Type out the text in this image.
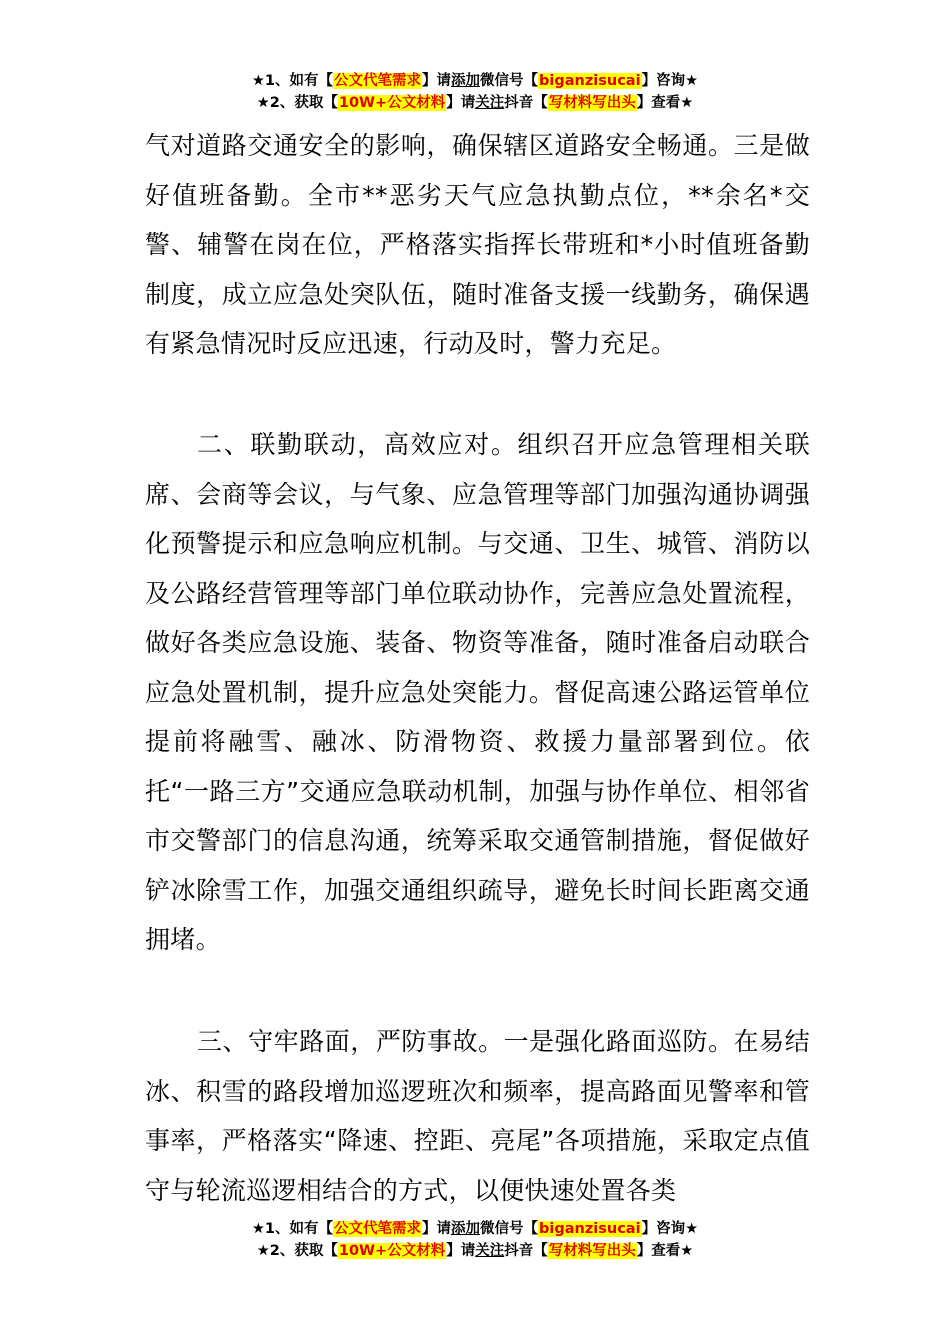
★1、如有【公文代笔需求】请添加微信号【biganzisucai】咨询★
★2、获取【10W+公文材料】请关注抖音【写材料写出头】查看★

气对道路交通安全的影响，确保辖区道路安全畅通。三是做好值班备勤。全市**恶劣天气应急执勤点位，**余名*交警、辅警在岗在位，严格落实指挥长带班和*小时值班备勤制度，成立应急处突队伍，随时准备支援一线勤务，确保遇有紧急情况时反应迅速，行动及时，警力充足。

二、联勤联动，高效应对。组织召开应急管理相关联席、会商等会议，与气象、应急管理等部门加强沟通协调强化预警提示和应急响应机制。与交通、卫生、城管、消防以及公路经营管理等部门单位联动协作，完善应急处置流程，做好各类应急设施、装备、物资等准备，随时准备启动联合应急处置机制，提升应急处突能力。督促高速公路运管单位提前将融雪、融冰、防滑物资、救援力量部署到位。依托“一路三方”交通应急联动机制，加强与协作单位、相邻省市交警部门的信息沟通，统筹采取交通管制措施，督促做好铲冰除雪工作，加强交通组织疏导，避免长时间长距离交通拥堵。

三、守牢路面，严防事故。一是强化路面巡防。在易结冰、积雪的路段增加巡逻班次和频率，提高路面见警率和管事率，严格落实“降速、控距、亮尾”各项措施，采取定点值守与轮流巡逻相结合的方式，以便快速处置各类

★1、如有【公文代笔需求】请添加微信号【biganzisucai】咨询★
★2、获取【10W+公文材料】请关注抖音【写材料写出头】查看★
